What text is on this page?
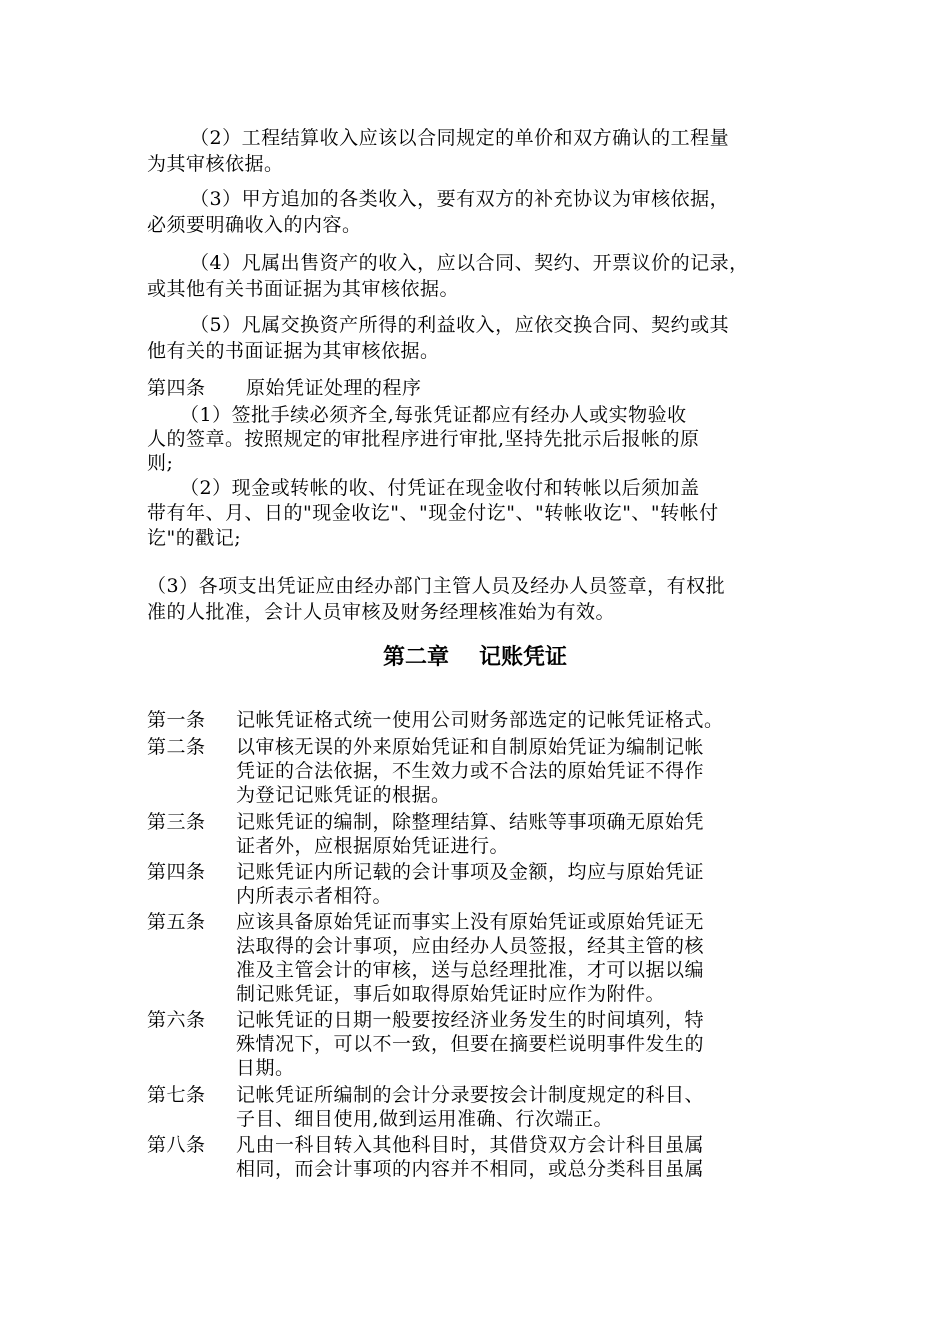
（2）工程结算收入应该以合同规定的单价和双方确认的工程量
为其审核依据。
（3）甲方追加的各类收入，要有双方的补充协议为审核依据，
必须要明确收入的内容。
（4）凡属出售资产的收入，应以合同、契约、开票议价的记录，
或其他有关书面证据为其审核依据。
（5）凡属交换资产所得的利益收入，应依交换合同、契约或其
他有关的书面证据为其审核依据。
第四条 原始凭证处理的程序
（1）签批手续必须齐全,每张凭证都应有经办人或实物验收
人的签章。按照规定的审批程序进行审批,坚持先批示后报帐的原
则;
（2）现金或转帐的收、付凭证在现金收付和转帐以后须加盖
带有年、月、日的"现金收讫"、"现金付讫"、"转帐收讫"、"转帐付
讫"的戳记;
（3）各项支出凭证应由经办部门主管人员及经办人员签章，有权批
准的人批准，会计人员审核及财务经理核准始为有效。
第二章 记账凭证
第一条 记帐凭证格式统一使用公司财务部选定的记帐凭证格式。
第二条 以审核无误的外来原始凭证和自制原始凭证为编制记帐
凭证的合法依据，不生效力或不合法的原始凭证不得作
为登记记账凭证的根据。
第三条 记账凭证的编制，除整理结算、结账等事项确无原始凭
证者外，应根据原始凭证进行。
第四条 记账凭证内所记载的会计事项及金额，均应与原始凭证
内所表示者相符。
第五条 应该具备原始凭证而事实上没有原始凭证或原始凭证无
法取得的会计事项，应由经办人员签报，经其主管的核
准及主管会计的审核，送与总经理批准，才可以据以编
制记账凭证，事后如取得原始凭证时应作为附件。
第六条 记帐凭证的日期一般要按经济业务发生的时间填列，特
殊情况下，可以不一致，但要在摘要栏说明事件发生的
日期。
第七条 记帐凭证所编制的会计分录要按会计制度规定的科目、
子目、细目使用,做到运用准确、行次端正。
第八条 凡由一科目转入其他科目时，其借贷双方会计科目虽属
相同，而会计事项的内容并不相同，或总分类科目虽属
